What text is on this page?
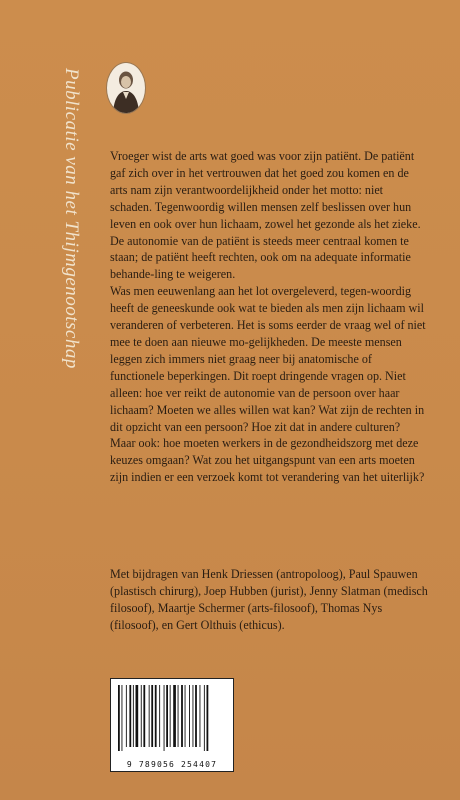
Publicatie van het Thijmgenootschap Vroeger wist de arts wat goed was voor zijn patiënt. De patiënt gaf zich over in het vertrouwen dat het goed zou komen en de arts nam zijn verantwoordelijkheid onder het motto: niet schaden. Tegenwoordig willen mensen zelf beslissen over hun leven en ook over hun lichaam, zowel het gezonde als het zieke. De autonomie van de patiënt is steeds meer centraal komen te staan; de patiënt heeft rechten, ook om na adequate informatie behande-ling te weigeren.

Was men eeuwenlang aan het lot overgeleverd, tegen-woordig heeft de geneeskunde ook wat te bieden als men zijn lichaam wil veranderen of verbeteren. Het is soms eerder de vraag wel of niet mee te doen aan nieuwe mo-gelijkheden. De meeste mensen leggen zich immers niet graag neer bij anatomische of functionele beperkingen. Dit roept dringende vragen op. Niet alleen: hoe ver reikt de autonomie van de persoon over haar lichaam? Moeten we alles willen wat kan? Wat zijn de rechten in dit opzicht van een persoon? Hoe zit dat in andere culturen? Maar ook: hoe moeten werkers in de gezondheidszorg met deze keuzes omgaan? Wat zou het uitgangspunt van een arts moeten zijn indien er een verzoek komt tot verandering van het uiterlijk?

Met bijdragen van Henk Driessen (antropoloog), Paul Spauwen (plastisch chirurg), Joep Hubben (jurist), Jenny Slatman (medisch filosoof), Maartje Schermer (arts-filosoof), Thomas Nys (filosoof), en Gert Olthuis (ethicus).
9 789056 254407
